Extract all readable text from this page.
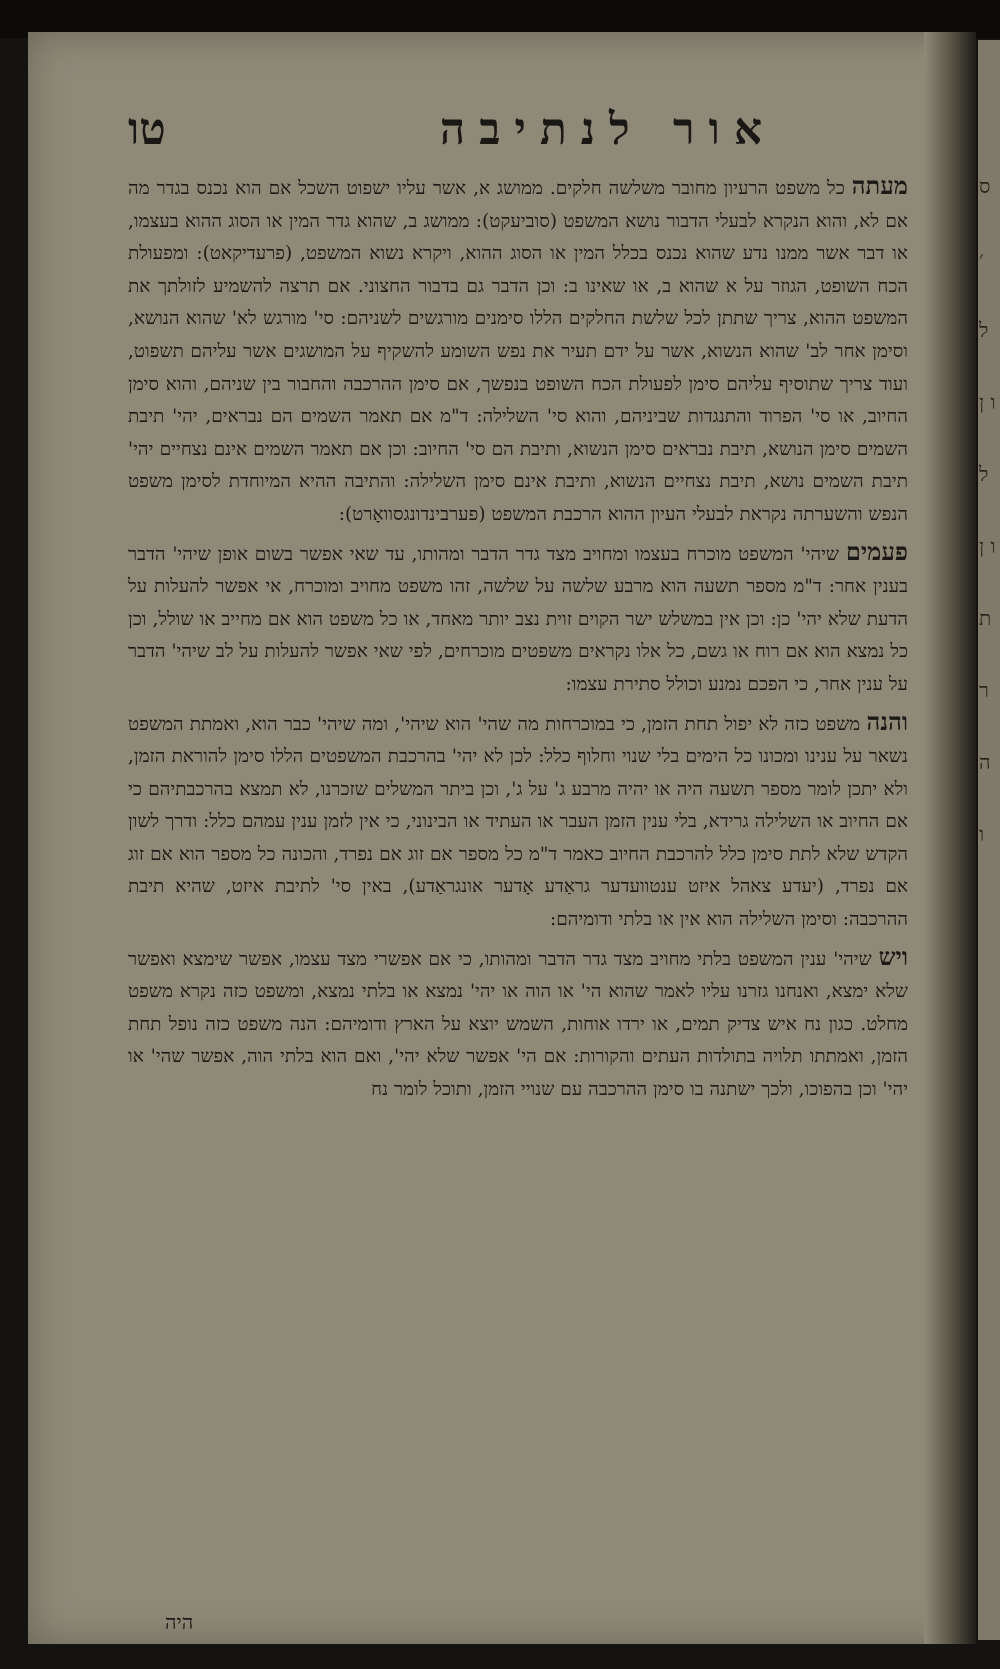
ס ׳ ל ו ן ל ו ן ת ר ה ו
טו	אור לנתיבה

מעתה כל משפט הרעיון מחובר משלשה חלקים. ממושג א, אשר עליו ישפוט השכל אם הוא נכנס בגדר מה אם לא, והוא הנקרא לבעלי הדבור נושא המשפט (סוביעקט): ממושג ב, שהוא גדר המין או הסוג ההוא בעצמו, או דבר אשר ממנו נדע שהוא נכנס בכלל המין או הסוג ההוא, ויקרא נשוא המשפט, (פרעדיקאט): ומפעולת הכח השופט, הגוזר על א שהוא ב, או שאינו ב: וכן הדבר גם בדבור החצוני. אם תרצה להשמיע לזולתך את המשפט ההוא, צריך שתתן לכל שלשת החלקים הללו סימנים מורגשים לשניהם: סי' מורגש לא' שהוא הנושא, וסימן אחר לב' שהוא הנשוא, אשר על ידם תעיר את נפש השומע להשקיף על המושגים אשר עליהם תשפוט, ועוד צריך שתוסיף עליהם סימן לפעולת הכח השופט בנפשך, אם סימן ההרכבה והחבור בין שניהם, והוא סימן החיוב, או סי' הפרוד והתנגדות שביניהם, והוא סי' השלילה: ד"מ אם תאמר השמים הם נבראים, יהי' תיבת השמים סימן הנושא, תיבת נבראים סימן הנשוא, ותיבת הם סי' החיוב: וכן אם תאמר השמים אינם נצחיים יהי' תיבת השמים נושא, תיבת נצחיים הנשוא, ותיבת אינם סימן השלילה: והתיבה ההיא המיוחדת לסימן משפט הנפש והשערתה נקראת לבעלי העיון ההוא הרכבת המשפט (פערבינדונגסוואָרט):

פעמים שיהי' המשפט מוכרח בעצמו ומחויב מצד גדר הדבר ומהותו, עד שאי אפשר בשום אופן שיהי' הדבר בענין אחר: ד"מ מספר תשעה הוא מרבע שלשה על שלשה, זהו משפט מחויב ומוכרח, אי אפשר להעלות על הדעת שלא יהי' כן: וכן אין במשלש ישר הקוים זוית נצב יותר מאחד, או כל משפט הוא אם מחייב או שולל, וכן כל נמצא הוא אם רוח או גשם, כל אלו נקראים משפטים מוכרחים, לפי שאי אפשר להעלות על לב שיהי' הדבר על ענין אחר, כי הפכם נמנע וכולל סתירת עצמו:

והנה משפט כזה לא יפול תחת הזמן, כי במוכרחות מה שהי' הוא שיהי', ומה שיהי' כבר הוא, ואמתת המשפט נשאר על ענינו ומכונו כל הימים בלי שנוי וחלוף כלל: לכן לא יהי' בהרכבת המשפטים הללו סימן להוראת הזמן, ולא יתכן לומר מספר תשעה היה או יהיה מרבע ג' על ג', וכן ביתר המשלים שזכרנו, לא תמצא בהרכבתיהם כי אם החיוב או השלילה גרידא, בלי ענין הזמן העבר או העתיד או הבינוני, כי אין לזמן ענין עמהם כלל: ודרך לשון הקדש שלא לתת סימן כלל להרכבת החיוב כאמר ד"מ כל מספר אם זוג אם נפרד, והכונה כל מספר הוא אם זוג אם נפרד, (יעדע צאהל איזט ענטוועדער גראַדע אָדער אונגראַדע), באין סי' לתיבת איזט, שהיא תיבת ההרכבה: וסימן השלילה הוא אין או בלתי ודומיהם:

ויש שיהי' ענין המשפט בלתי מחויב מצד גדר הדבר ומהותו, כי אם אפשרי מצד עצמו, אפשר שימצא ואפשר שלא ימצא, ואנחנו גזרנו עליו לאמר שהוא הי' או הוה או יהי' נמצא או בלתי נמצא, ומשפט כזה נקרא משפט מחלט. כגון נח איש צדיק תמים, או ירדו אוחות, השמש יוצא על הארץ ודומיהם: הנה משפט כזה נופל תחת הזמן, ואמתתו תלויה בתולדות העתים והקורות: אם הי' אפשר שלא יהי', ואם הוא בלתי הוה, אפשר שהי' או יהי' וכן בהפוכו, ולכך ישתנה בו סימן ההרכבה עם שנויי הזמן, ותוכל לומר נח

היה
